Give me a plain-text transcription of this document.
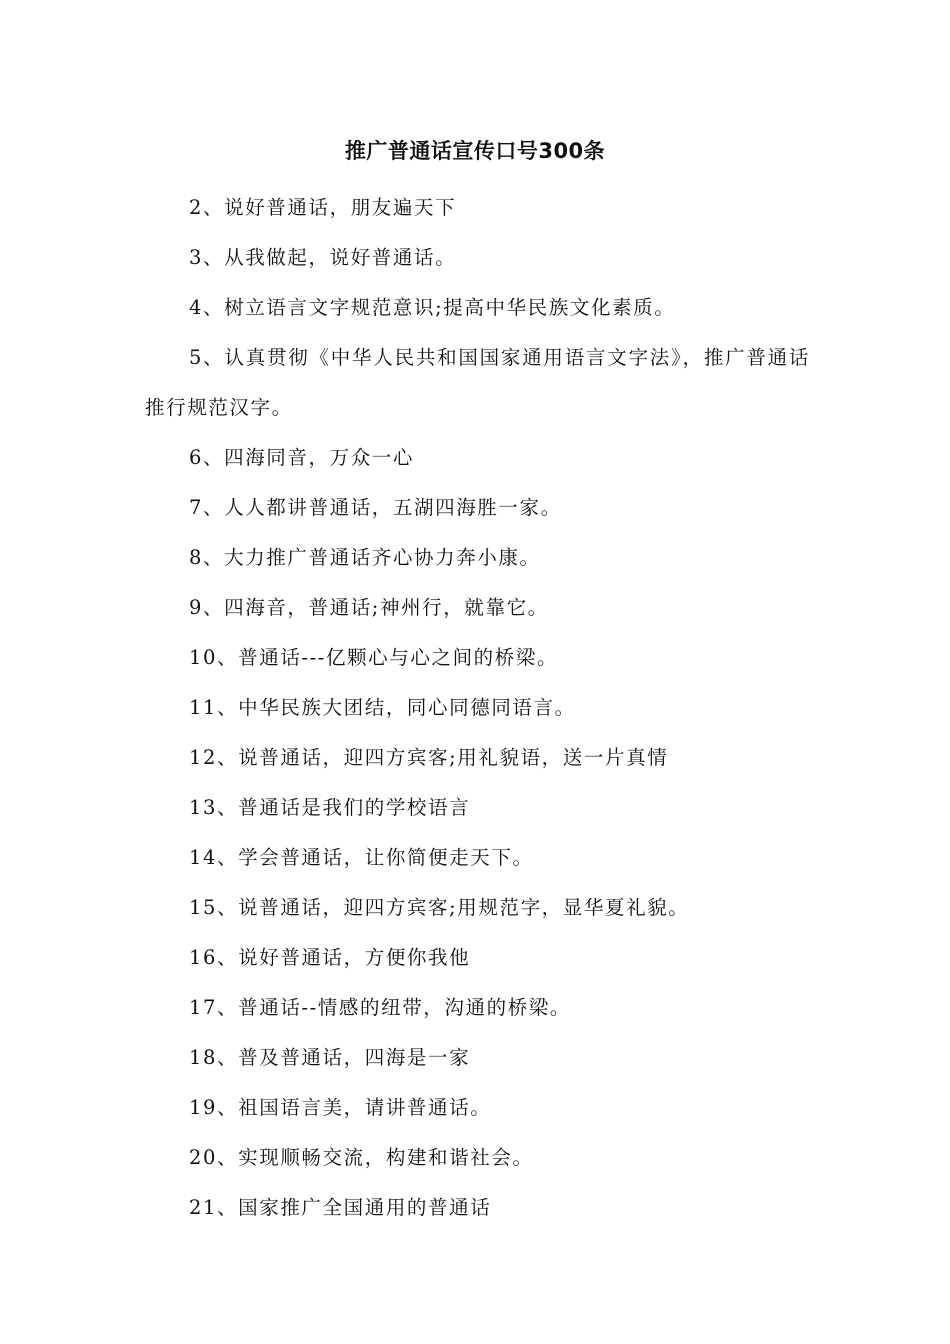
推广普通话宣传口号300条
2、说好普通话，朋友遍天下
3、从我做起，说好普通话。
4、树立语言文字规范意识;提高中华民族文化素质。
5、认真贯彻《中华人民共和国国家通用语言文字法》，推广普通话推行规范汉字。
6、四海同音，万众一心
7、人人都讲普通话，五湖四海胜一家。
8、大力推广普通话齐心协力奔小康。
9、四海音，普通话;神州行，就靠它。
10、普通话---亿颗心与心之间的桥梁。
11、中华民族大团结，同心同德同语言。
12、说普通话，迎四方宾客;用礼貌语，送一片真情
13、普通话是我们的学校语言
14、学会普通话，让你简便走天下。
15、说普通话，迎四方宾客;用规范字，显华夏礼貌。
16、说好普通话，方便你我他
17、普通话--情感的纽带，沟通的桥梁。
18、普及普通话，四海是一家
19、祖国语言美，请讲普通话。
20、实现顺畅交流，构建和谐社会。
21、国家推广全国通用的普通话
